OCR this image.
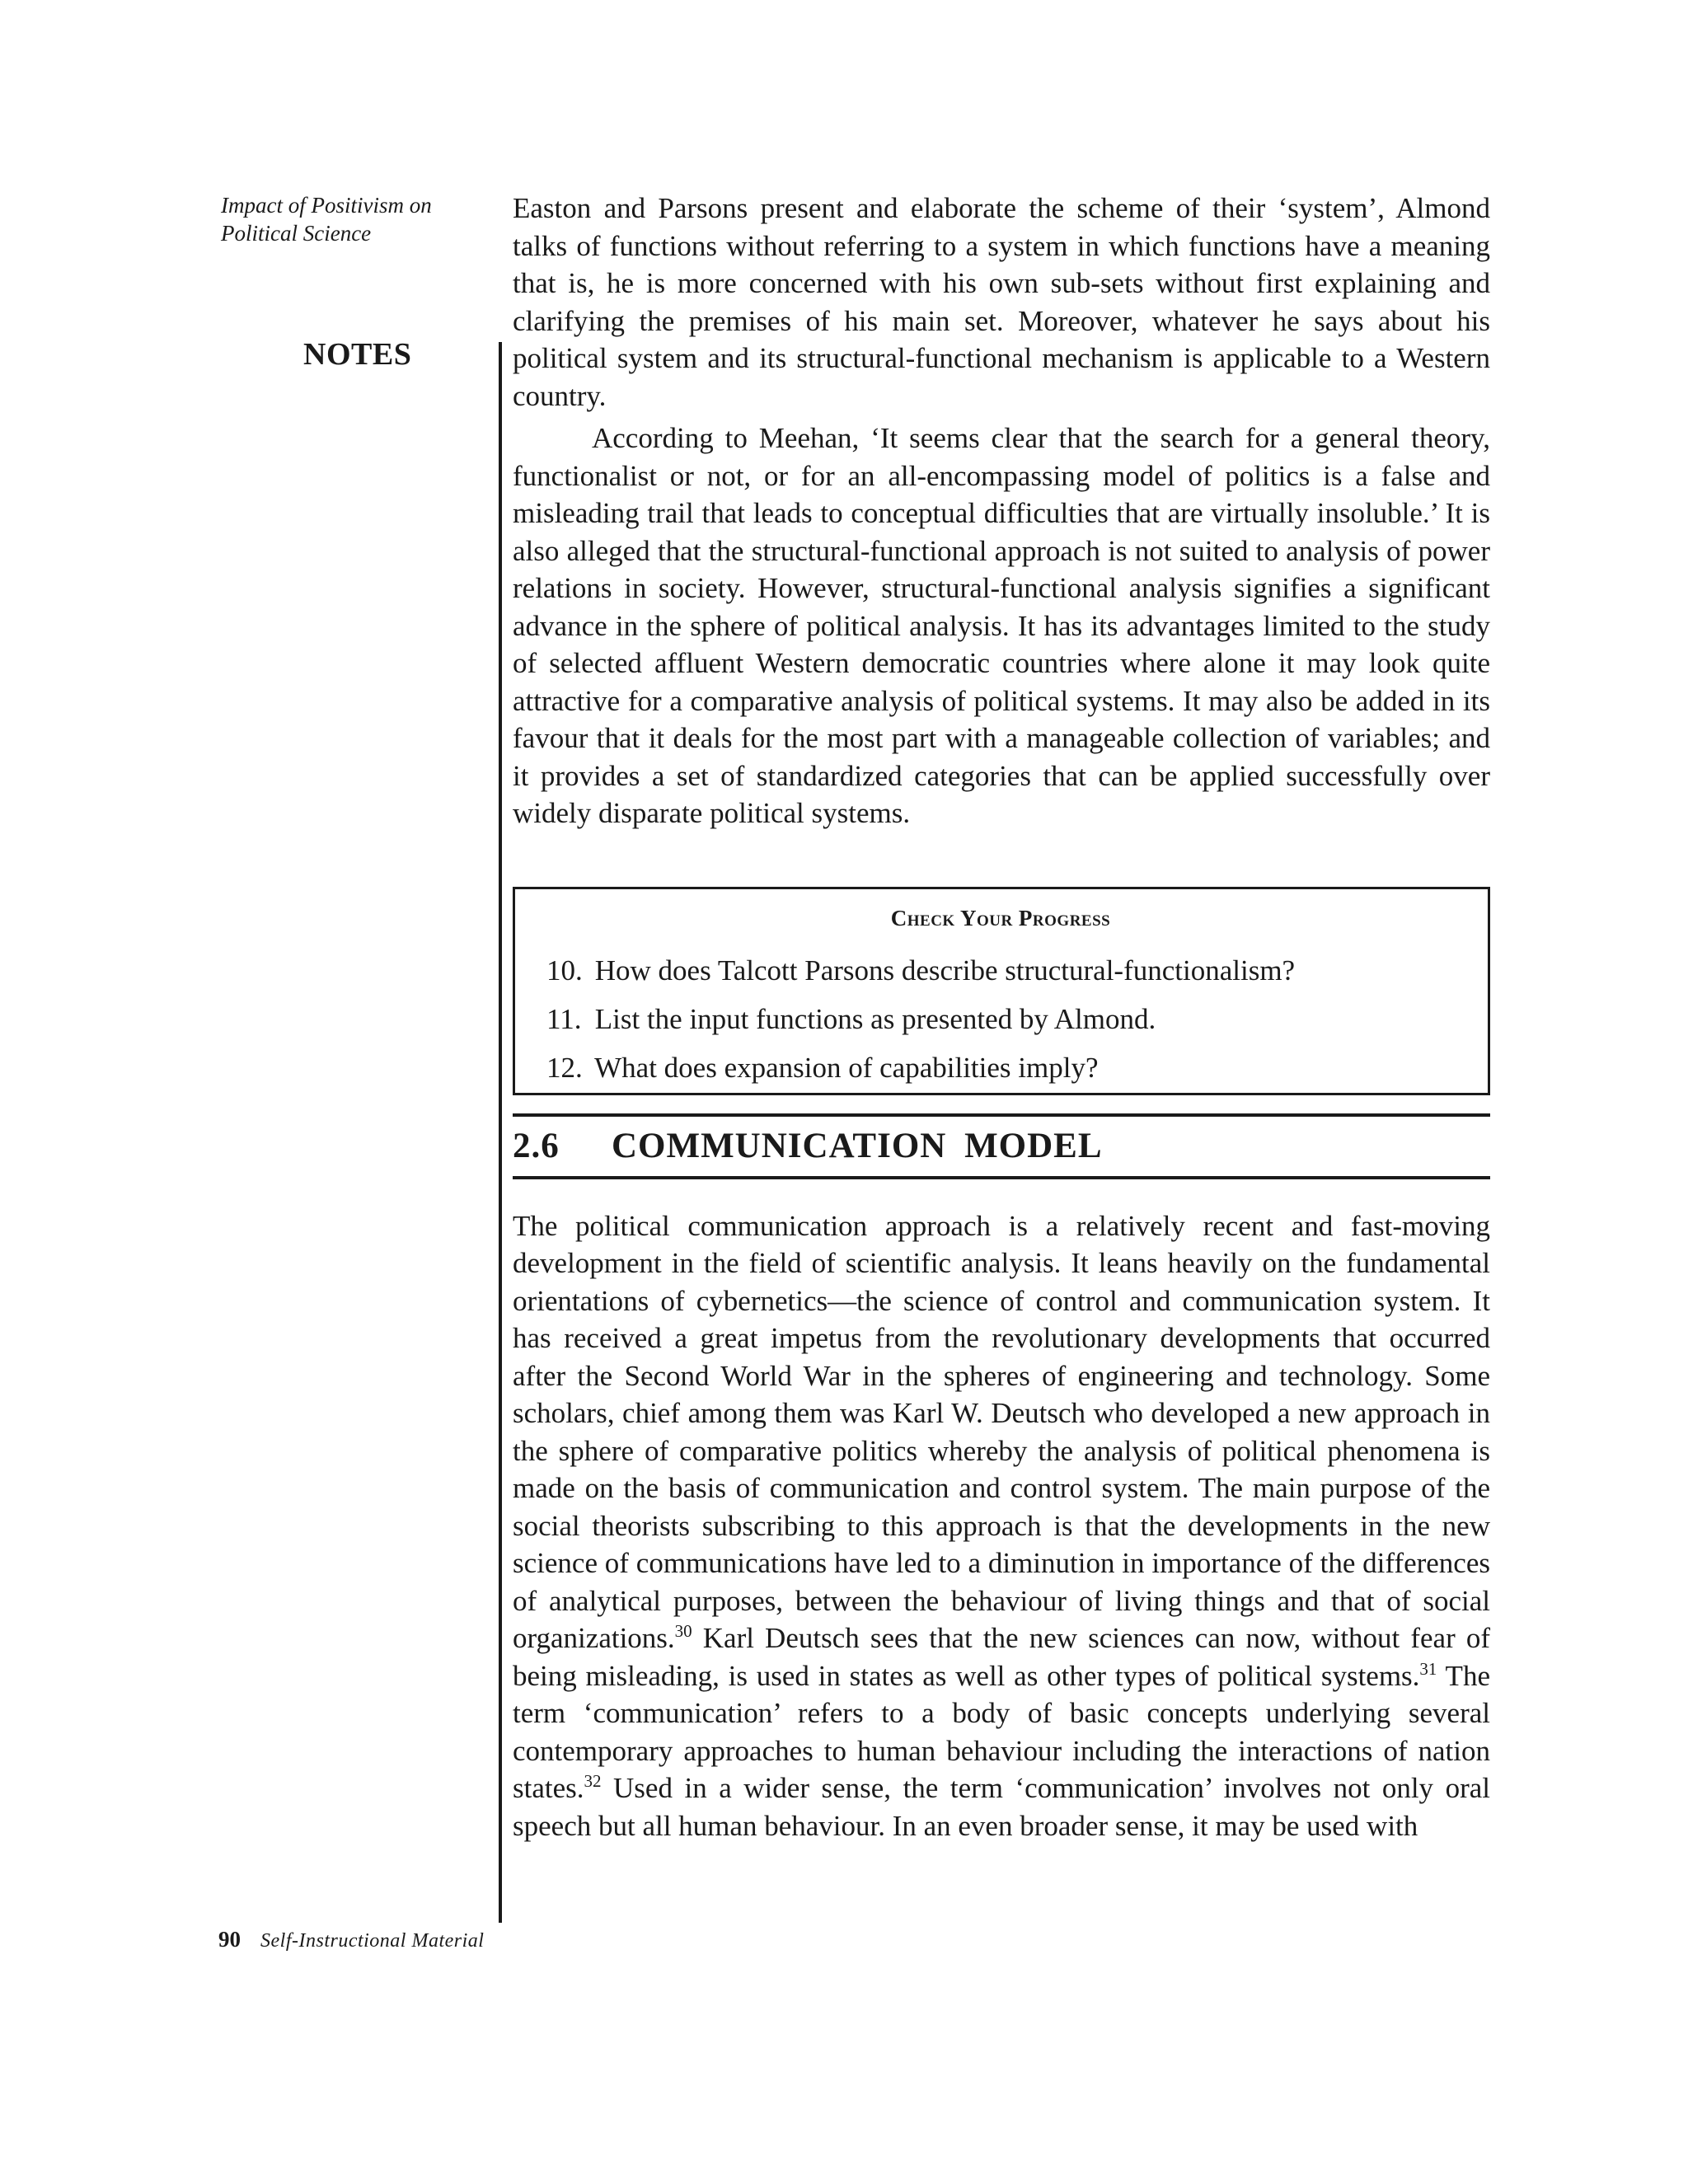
Impact of Positivism on
Political Science
NOTES

Easton and Parsons present and elaborate the scheme of their ‘system’, Almond talks of functions without referring to a system in which functions have a meaning that is, he is more concerned with his own sub-sets without first explaining and clarifying the premises of his main set. Moreover, whatever he says about his political system and its structural-functional mechanism is applicable to a Western country.

According to Meehan, ‘It seems clear that the search for a general theory, functionalist or not, or for an all-encompassing model of politics is a false and misleading trail that leads to conceptual difficulties that are virtually insoluble.’ It is also alleged that the structural-functional approach is not suited to analysis of power relations in society. However, structural-functional analysis signifies a significant advance in the sphere of political analysis. It has its advantages limited to the study of selected affluent Western democratic countries where alone it may look quite attractive for a comparative analysis of political systems. It may also be added in its favour that it deals for the most part with a manageable collection of variables; and it provides a set of standardized categories that can be applied successfully over widely disparate political systems.

Check Your Progress
10. How does Talcott Parsons describe structural-functionalism?
11. List the input functions as presented by Almond.
12. What does expansion of capabilities imply?
2.6	COMMUNICATION MODEL

The political communication approach is a relatively recent and fast-moving development in the field of scientific analysis. It leans heavily on the fundamental orientations of cybernetics—the science of control and communication system. It has received a great impetus from the revolutionary developments that occurred after the Second World War in the spheres of engineering and technology. Some scholars, chief among them was Karl W. Deutsch who developed a new approach in the sphere of comparative politics whereby the analysis of political phenomena is made on the basis of communication and control system. The main purpose of the social theorists subscribing to this approach is that the developments in the new science of communications have led to a diminution in importance of the differences of analytical purposes, between the behaviour of living things and that of social organizations.$^{30}$ Karl Deutsch sees that the new sciences can now, without fear of being misleading, is used in states as well as other types of political systems.$^{31}$ The term ‘communication’ refers to a body of basic concepts underlying several contemporary approaches to human behaviour including the interactions of nation states.$^{32}$ Used in a wider sense, the term ‘communication’ involves not only oral speech but all human behaviour. In an even broader sense, it may be used with

90 Self-Instructional Material
